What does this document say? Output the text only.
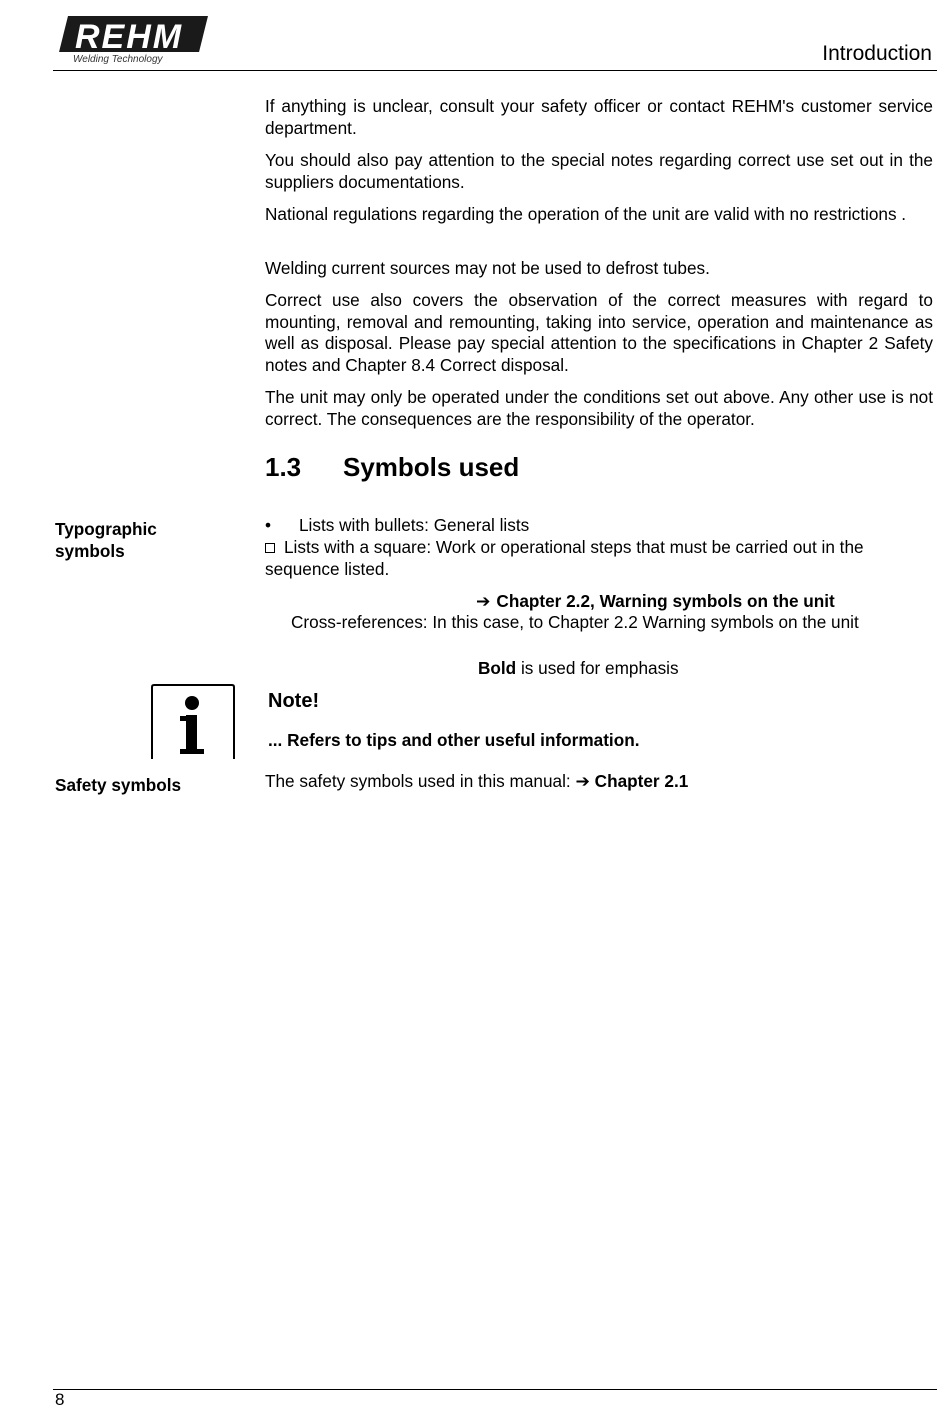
REHM
Welding Technology	Introduction

If anything is unclear, consult your safety officer or contact REHM's customer service department.

You should also pay attention to the special notes regarding correct use set out in the suppliers documentations.

National regulations regarding the operation of the unit are valid with no restrictions .

Welding current sources may not be used to defrost tubes.

Correct use also covers the observation of the correct measures with regard to mounting, removal and remounting, taking into service, operation and maintenance as well as disposal. Please pay special attention to the specifications in Chapter 2 Safety notes and Chapter 8.4 Correct disposal.

The unit may only be operated under the conditions set out above. Any other use is not correct. The consequences are the responsibility of the operator.

1.3 Symbols used
Typographic symbols
• Lists with bullets: General lists
Lists with a square: Work or operational steps that must be carried out in the sequence listed.
➔ Chapter 2.2, Warning symbols on the unit
Cross-references: In this case, to Chapter 2.2 Warning symbols on the unit
Bold is used for emphasis
Note!
... Refers to tips and other useful information.
Safety symbols	The safety symbols used in this manual: ➔ Chapter 2.1
8
